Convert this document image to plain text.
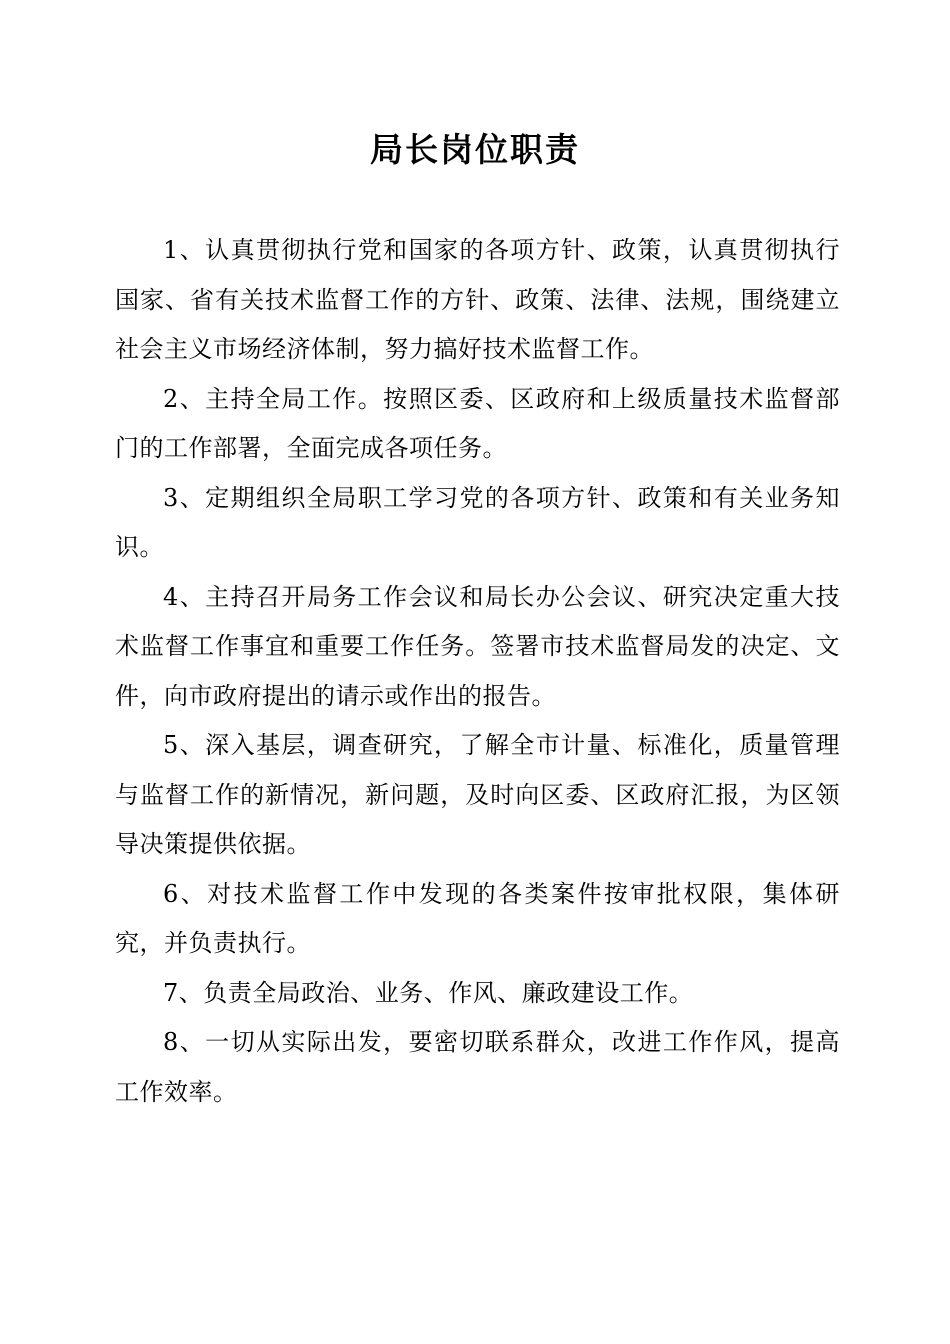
局长岗位职责

1、认真贯彻执行党和国家的各项方针、政策，认真贯彻执行国家、省有关技术监督工作的方针、政策、法律、法规，围绕建立社会主义市场经济体制，努力搞好技术监督工作。

2、主持全局工作。按照区委、区政府和上级质量技术监督部门的工作部署，全面完成各项任务。

3、定期组织全局职工学习党的各项方针、政策和有关业务知识。

4、主持召开局务工作会议和局长办公会议、研究决定重大技术监督工作事宜和重要工作任务。签署市技术监督局发的决定、文件，向市政府提出的请示或作出的报告。

5、深入基层，调查研究，了解全市计量、标准化，质量管理与监督工作的新情况，新问题，及时向区委、区政府汇报，为区领导决策提供依据。

6、对技术监督工作中发现的各类案件按审批权限，集体研究，并负责执行。

7、负责全局政治、业务、作风、廉政建设工作。

8、一切从实际出发，要密切联系群众，改进工作作风，提高工作效率。
